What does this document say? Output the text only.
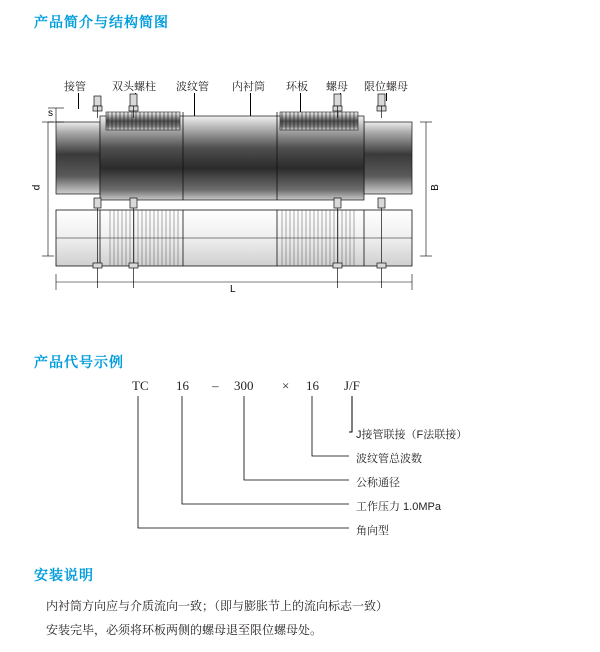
产品简介与结构简图
产品代号示例
安装说明
接管 双头螺柱 波纹管 内衬筒 环板 螺母 限位螺母
s
d	B
L
TC 16 – 300 × 16 J/F
J接管联接（F法联接）
波纹管总波数
公称通径
工作压力 1.0MPa
角向型

内衬筒方向应与介质流向一致；（即与膨胀节上的流向标志一致）

安装完毕，必须将环板两侧的螺母退至限位螺母处。
